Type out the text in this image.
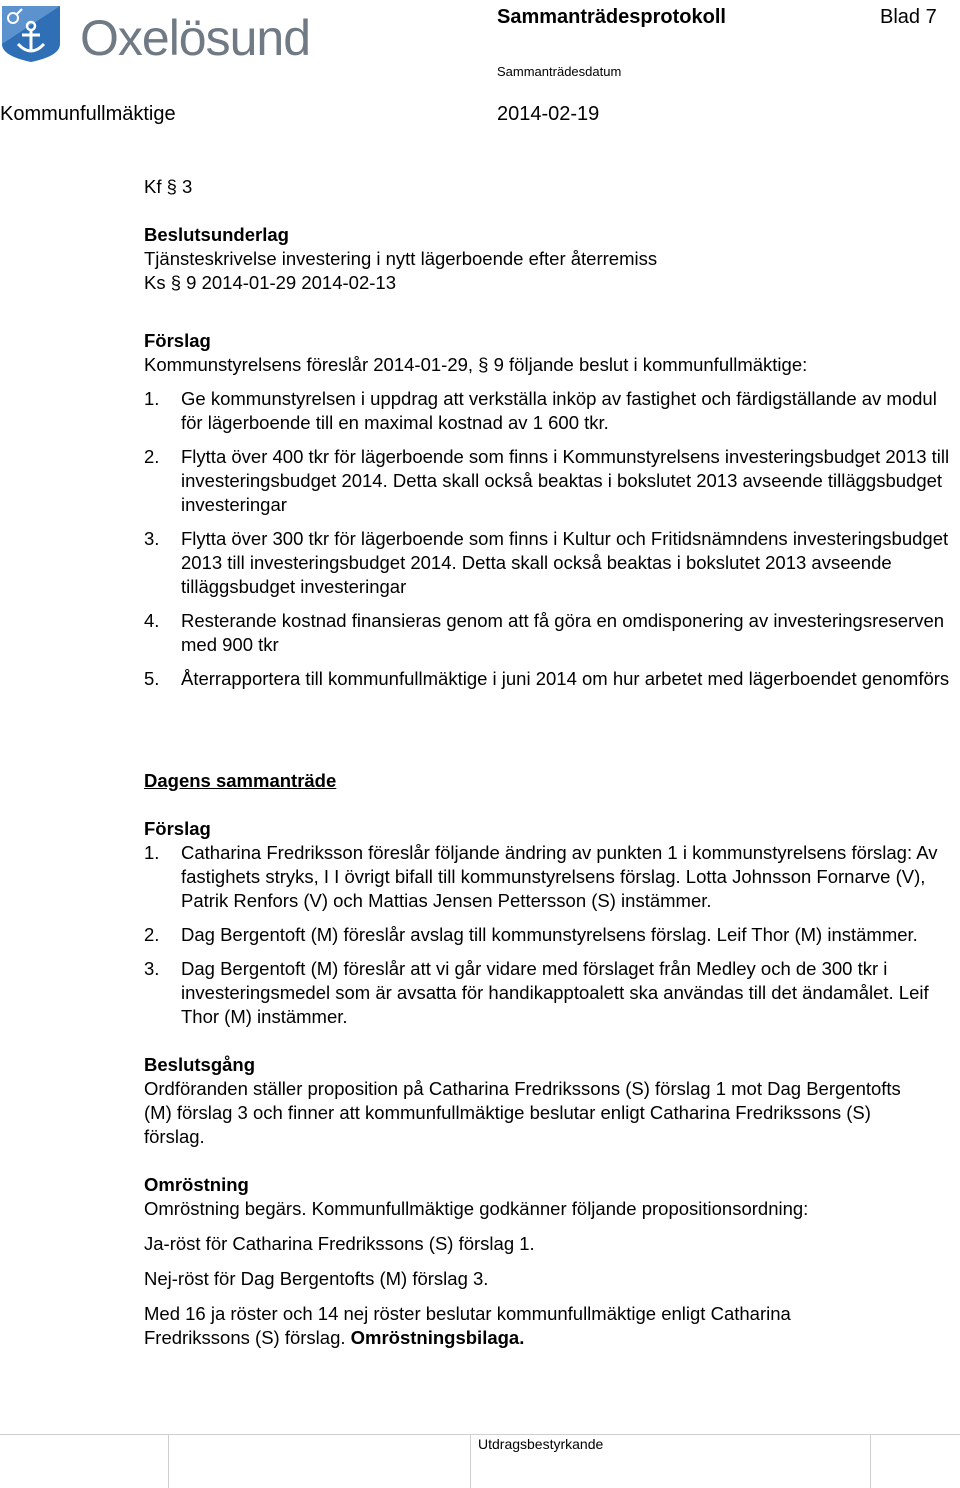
Oxelösund	Sammanträdesprotokoll	Blad 7
Sammanträdesdatum
Kommunfullmäktige	2014-02-19

Kf § 3

Beslutsunderlag

Tjänsteskrivelse investering i nytt lägerboende efter återremiss

Ks § 9 2014-01-29 2014-02-13

Förslag

Kommunstyrelsens föreslår 2014-01-29, § 9 följande beslut i kommunfullmäktige:

1. Ge kommunstyrelsen i uppdrag att verkställa inköp av fastighet och färdigställande av modul för lägerboende till en maximal kostnad av 1 600 tkr.
2. Flytta över 400 tkr för lägerboende som finns i Kommunstyrelsens investeringsbudget 2013 till investeringsbudget 2014. Detta skall också beaktas i bokslutet 2013 avseende tilläggsbudget investeringar
3. Flytta över 300 tkr för lägerboende som finns i Kultur och Fritidsnämndens investeringsbudget 2013 till investeringsbudget 2014. Detta skall också beaktas i bokslutet 2013 avseende tilläggsbudget investeringar
4. Resterande kostnad finansieras genom att få göra en omdisponering av investeringsreserven med 900 tkr
5. Återrapportera till kommunfullmäktige i juni 2014 om hur arbetet med lägerboendet genomförs

Dagens sammanträde

Förslag

1. Catharina Fredriksson föreslår följande ändring av punkten 1 i kommunstyrelsens förslag: Av fastighets stryks, I I övrigt bifall till kommunstyrelsens förslag. Lotta Johnsson Fornarve (V), Patrik Renfors (V) och Mattias Jensen Pettersson (S) instämmer.
2. Dag Bergentoft (M) föreslår avslag till kommunstyrelsens förslag. Leif Thor (M) instämmer.
3. Dag Bergentoft (M) föreslår att vi går vidare med förslaget från Medley och de 300 tkr i investeringsmedel som är avsatta för handikapptoalett ska användas till det ändamålet. Leif Thor (M) instämmer.

Beslutsgång

Ordföranden ställer proposition på Catharina Fredrikssons (S) förslag 1 mot Dag Bergentofts (M) förslag 3 och finner att kommunfullmäktige beslutar enligt Catharina Fredrikssons (S) förslag.

Omröstning

Omröstning begärs. Kommunfullmäktige godkänner följande propositionsordning:

Ja-röst för Catharina Fredrikssons (S) förslag 1.

Nej-röst för Dag Bergentofts (M) förslag 3.

Med 16 ja röster och 14 nej röster beslutar kommunfullmäktige enligt Catharina Fredrikssons (S) förslag. Omröstningsbilaga.

Utdragsbestyrkande
